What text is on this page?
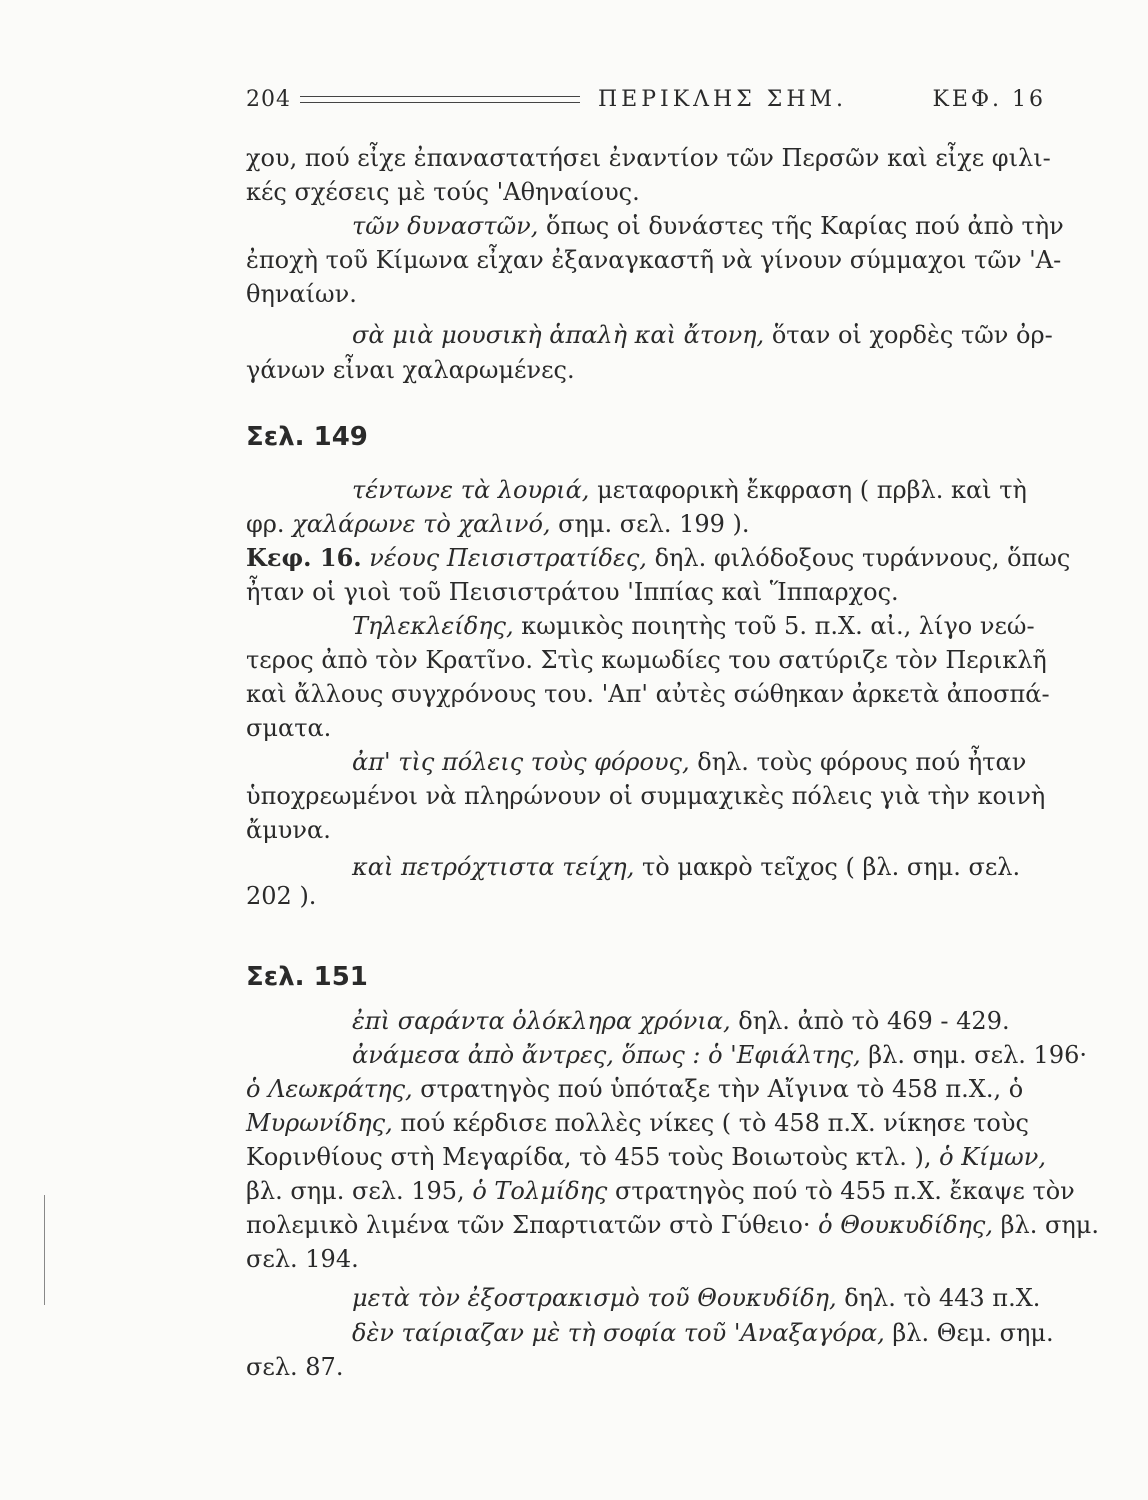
204	ΠΕΡΙΚΛΗΣ ΣΗΜ.	ΚΕΦ. 16
χου, πού εἶχε ἐπαναστατήσει ἐναντίον τῶν Περσῶν καὶ εἶχε φιλι-
κές σχέσεις μὲ τούς 'Αθηναίους.
τῶν δυναστῶν, ὅπως οἱ δυνάστες τῆς Καρίας πού ἀπὸ τὴν
ἐποχὴ τοῦ Κίμωνα εἶχαν ἐξαναγκαστῆ νὰ γίνουν σύμμαχοι τῶν 'Α-
θηναίων.
σὰ μιὰ μουσικὴ ἁπαλὴ καὶ ἄτονη, ὅταν οἱ χορδὲς τῶν ὀρ-
γάνων εἶναι χαλαρωμένες.
Σελ. 149
τέντωνε τὰ λουριά, μεταφορικὴ ἔκφραση ( πρβλ. καὶ τὴ
φρ. χαλάρωνε τὸ χαλινό, σημ. σελ. 199 ).
Κεφ. 16. νέους Πεισιστρατίδες, δηλ. φιλόδοξους τυράννους, ὅπως
ἦταν οἱ γιοὶ τοῦ Πεισιστράτου 'Ιππίας καὶ Ἵππαρχος.
Τηλεκλείδης, κωμικὸς ποιητὴς τοῦ 5. π.Χ. αἰ., λίγο νεώ-
τερος ἀπὸ τὸν Κρατῖνο. Στὶς κωμωδίες του σατύριζε τὸν Περικλῆ
καὶ ἄλλους συγχρόνους του. 'Απ' αὐτὲς σώθηκαν ἀρκετὰ ἀποσπά-
σματα.
ἀπ' τὶς πόλεις τοὺς φόρους, δηλ. τοὺς φόρους πού ἦταν
ὑποχρεωμένοι νὰ πληρώνουν οἱ συμμαχικὲς πόλεις γιὰ τὴν κοινὴ
ἄμυνα.
καὶ πετρόχτιστα τείχη, τὸ μακρὸ τεῖχος ( βλ. σημ. σελ.
202 ).
Σελ. 151
ἐπὶ σαράντα ὁλόκληρα χρόνια, δηλ. ἀπὸ τὸ 469 - 429.
ἀνάμεσα ἀπὸ ἄντρες, ὅπως : ὁ 'Εφιάλτης, βλ. σημ. σελ. 196·
ὁ Λεωκράτης, στρατηγὸς πού ὑπόταξε τὴν Αἴγινα τὸ 458 π.Χ., ὁ
Μυρωνίδης, πού κέρδισε πολλὲς νίκες ( τὸ 458 π.Χ. νίκησε τοὺς
Κορινθίους στὴ Μεγαρίδα, τὸ 455 τοὺς Βοιωτοὺς κτλ. ), ὁ Κίμων,
βλ. σημ. σελ. 195, ὁ Τολμίδης στρατηγὸς πού τὸ 455 π.Χ. ἔκαψε τὸν
πολεμικὸ λιμένα τῶν Σπαρτιατῶν στὸ Γύθειο· ὁ Θουκυδίδης, βλ. σημ.
σελ. 194.
μετὰ τὸν ἐξοστρακισμὸ τοῦ Θουκυδίδη, δηλ. τὸ 443 π.Χ.
δὲν ταίριαζαν μὲ τὴ σοφία τοῦ 'Αναξαγόρα, βλ. Θεμ. σημ.
σελ. 87.
